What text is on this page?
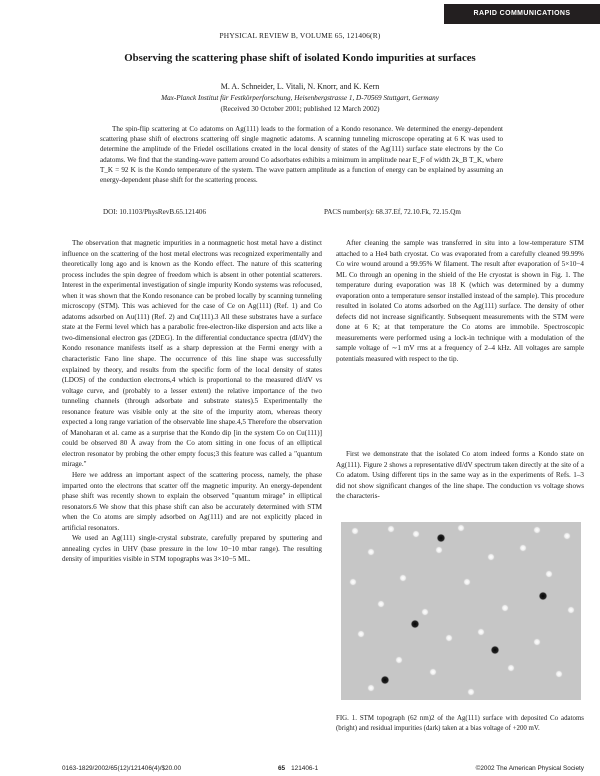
RAPID COMMUNICATIONS
PHYSICAL REVIEW B, VOLUME 65, 121406(R)
Observing the scattering phase shift of isolated Kondo impurities at surfaces
M. A. Schneider, L. Vitali, N. Knorr, and K. Kern
Max-Planck Institut für Festkörperforschung, Heisenbergstrasse 1, D-70569 Stuttgart, Germany
(Received 30 October 2001; published 12 March 2002)

The spin-flip scattering at Co adatoms on Ag(111) leads to the formation of a Kondo resonance. We determined the energy-dependent scattering phase shift of electrons scattering off single magnetic adatoms. A scanning tunneling microscope operating at 6 K was used to determine the amplitude of the Friedel oscillations created in the local density of states of the Ag(111) surface state electrons by the Co adatoms. We find that the standing-wave pattern around Co adsorbates exhibits a minimum in amplitude near E_F of width 2k_B T_K, where T_K = 92 K is the Kondo temperature of the system. The wave pattern amplitude as a function of energy can be explained by assuming an energy-dependent phase shift for the scattering process.

DOI: 10.1103/PhysRevB.65.121406	PACS number(s): 68.37.Ef, 72.10.Fk, 72.15.Qm

The observation that magnetic impurities in a nonmagnetic host metal have a distinct influence on the scattering of the host metal electrons was recognized experimentally and theoretically long ago and is known as the Kondo effect. The nature of this scattering process includes the spin degree of freedom which is absent in other potential scatterers. Interest in the experimental investigation of single impurity Kondo systems was refocused, when it was shown that the Kondo resonance can be probed locally by scanning tunneling microscopy (STM). This was achieved for the case of Ce on Ag(111) (Ref. 1) and Co adatoms adsorbed on Au(111) (Ref. 2) and Cu(111).3 All these substrates have a surface state at the Fermi level which has a parabolic free-electron-like dispersion and acts like a two-dimensional electron gas (2DEG). In the differential conductance spectra (dI/dV) the Kondo resonance manifests itself as a sharp depression at the Fermi energy with a characteristic Fano line shape. The occurrence of this line shape was successfully explained by theory, and results from the specific form of the local density of states (LDOS) of the conduction electrons,4 which is proportional to the measured dI/dV vs voltage curve, and (probably to a lesser extent) the relative importance of the two tunneling channels (through adsorbate and substrate states).5 Experimentally the resonance feature was visible only at the site of the impurity atom, whereas theory expected a long range variation of the observable line shape.4,5 Therefore the observation of Manoharan et al. came as a surprise that the Kondo dip [in the system Co on Cu(111)] could be observed 80 Å away from the Co atom sitting in one focus of an elliptical electron resonator by probing the other empty focus;3 this feature was called a "quantum mirage."

Here we address an important aspect of the scattering process, namely, the phase imparted onto the electrons that scatter off the magnetic impurity. An energy-dependent phase shift was recently shown to explain the observed "quantum mirage" in elliptical resonators.6 We show that this phase shift can also be accurately determined with STM when the Co atoms are simply adsorbed on Ag(111) and are not explicitly placed in artificial resonators.

We used an Ag(111) single-crystal substrate, carefully prepared by sputtering and annealing cycles in UHV (base pressure in the low 10−10 mbar range). The resulting density of impurities visible in STM topographs was 3×10−5 ML.

After cleaning the sample was transferred in situ into a low-temperature STM attached to a He4 bath cryostat. Co was evaporated from a carefully cleaned 99.99% Co wire wound around a 99.95% W filament. The result after evaporation of 5×10−4 ML Co through an opening in the shield of the He cryostat is shown in Fig. 1. The temperature during evaporation was 18 K (which was determined by a dummy evaporation onto a temperature sensor installed instead of the sample). This procedure resulted in isolated Co atoms adsorbed on the Ag(111) surface. The density of other defects did not increase significantly. Subsequent measurements with the STM were done at 6 K; at that temperature the Co atoms are immobile. Spectroscopic measurements were performed using a lock-in technique with a modulation of the sample voltage of ∼1 mV rms at a frequency of 2–4 kHz. All voltages are sample potentials measured with respect to the tip.

First we demonstrate that the isolated Co atom indeed forms a Kondo state on Ag(111). Figure 2 shows a representative dI/dV spectrum taken directly at the site of a Co adatom. Using different tips in the same way as in the experiments of Refs. 1–3 did not show significant changes of the line shape. The conduction vs voltage shows the characteris-

FIG. 1. STM topograph (62 nm)2 of the Ag(111) surface with deposited Co adatoms (bright) and residual impurities (dark) taken at a bias voltage of +200 mV.

0163-1829/2002/65(12)/121406(4)/$20.00	65 121406-1	©2002 The American Physical Society
